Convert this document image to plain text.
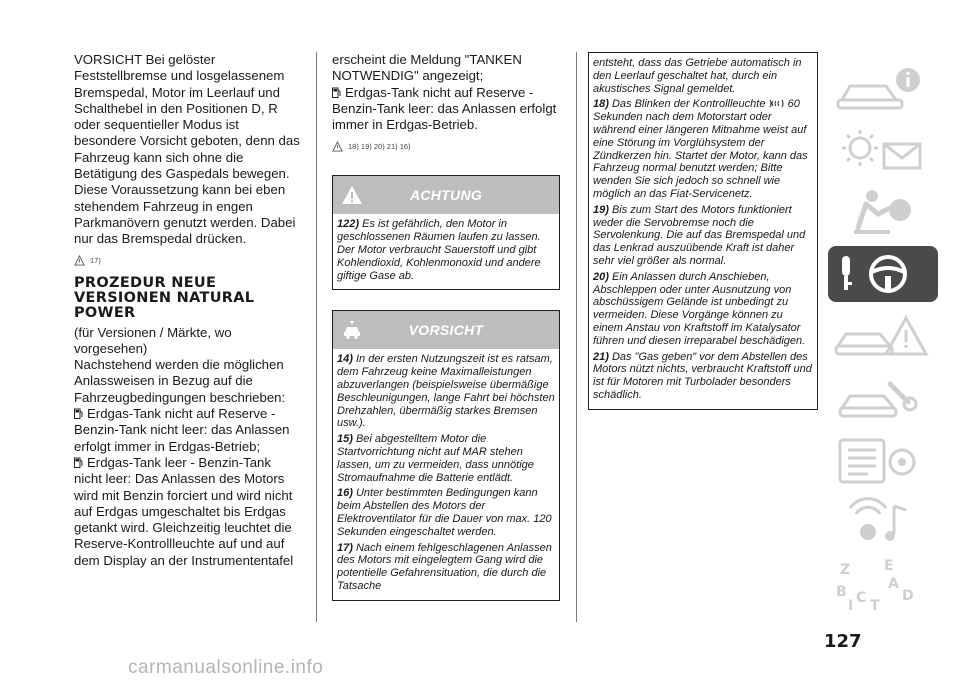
VORSICHT Bei gelöster Feststellbremse und losgelassenem Bremspedal, Motor im Leerlauf und Schalthebel in den Positionen D, R oder sequentieller Modus ist besondere Vorsicht geboten, denn das Fahrzeug kann sich ohne die Betätigung des Gaspedals bewegen. Diese Voraussetzung kann bei eben stehendem Fahrzeug in engen Parkmanövern genutzt werden. Dabei nur das Bremspedal drücken.

17)
PROZEDUR NEUE VERSIONEN NATURAL POWER

(für Versionen / Märkte, wo vorgesehen)

Nachstehend werden die möglichen Anlassweisen in Bezug auf die Fahrzeugbedingungen beschrieben:

Erdgas-Tank nicht auf Reserve - Benzin-Tank nicht leer: das Anlassen erfolgt immer in Erdgas-Betrieb;

Erdgas-Tank leer - Benzin-Tank nicht leer: Das Anlassen des Motors wird mit Benzin forciert und wird nicht auf Erdgas umgeschaltet bis Erdgas getankt wird. Gleichzeitig leuchtet die Reserve-Kontrollleuchte auf und auf dem Display an der Instrumententafel

erscheint die Meldung "TANKEN NOTWENDIG" angezeigt;

Erdgas-Tank nicht auf Reserve - Benzin-Tank leer: das Anlassen erfolgt immer in Erdgas-Betrieb.

18) 19) 20) 21) 16)
ACHTUNG

122) Es ist gefährlich, den Motor in geschlossenen Räumen laufen zu lassen. Der Motor verbraucht Sauerstoff und gibt Kohlendioxid, Kohlenmonoxid und andere giftige Gase ab.

VORSICHT

14) In der ersten Nutzungszeit ist es ratsam, dem Fahrzeug keine Maximalleistungen abzuverlangen (beispielsweise übermäßige Beschleunigungen, lange Fahrt bei höchsten Drehzahlen, übermäßig starkes Bremsen usw.).

15) Bei abgestelltem Motor die Startvorrichtung nicht auf MAR stehen lassen, um zu vermeiden, dass unnötige Stromaufnahme die Batterie entlädt.

16) Unter bestimmten Bedingungen kann beim Abstellen des Motors der Elektroventilator für die Dauer von max. 120 Sekunden eingeschaltet werden.

17) Nach einem fehlgeschlagenen Anlassen des Motors mit eingelegtem Gang wird die potentielle Gefahrensituation, die durch die Tatsache

entsteht, dass das Getriebe automatisch in den Leerlauf geschaltet hat, durch ein akustisches Signal gemeldet.

18) Das Blinken der Kontrollleuchte 60 Sekunden nach dem Motorstart oder während einer längeren Mitnahme weist auf eine Störung im Vorglühsystem der Zündkerzen hin. Startet der Motor, kann das Fahrzeug normal benutzt werden; Bitte wenden Sie sich jedoch so schnell wie möglich an das Fiat-Servicenetz.

19) Bis zum Start des Motors funktioniert weder die Servobremse noch die Servolenkung. Die auf das Bremspedal und das Lenkrad auszuübende Kraft ist daher sehr viel größer als normal.

20) Ein Anlassen durch Anschieben, Abschleppen oder unter Ausnutzung von abschüssigem Gelände ist unbedingt zu vermeiden. Diese Vorgänge können zu einem Anstau von Kraftstoff im Katalysator führen und diesen irreparabel beschädigen.

21) Das "Gas geben" vor dem Abstellen des Motors nützt nichts, verbraucht Kraftstoff und ist für Motoren mit Turbolader besonders schädlich.

Z E
A
B C	D
T
I
127
carmanualsonline.info
